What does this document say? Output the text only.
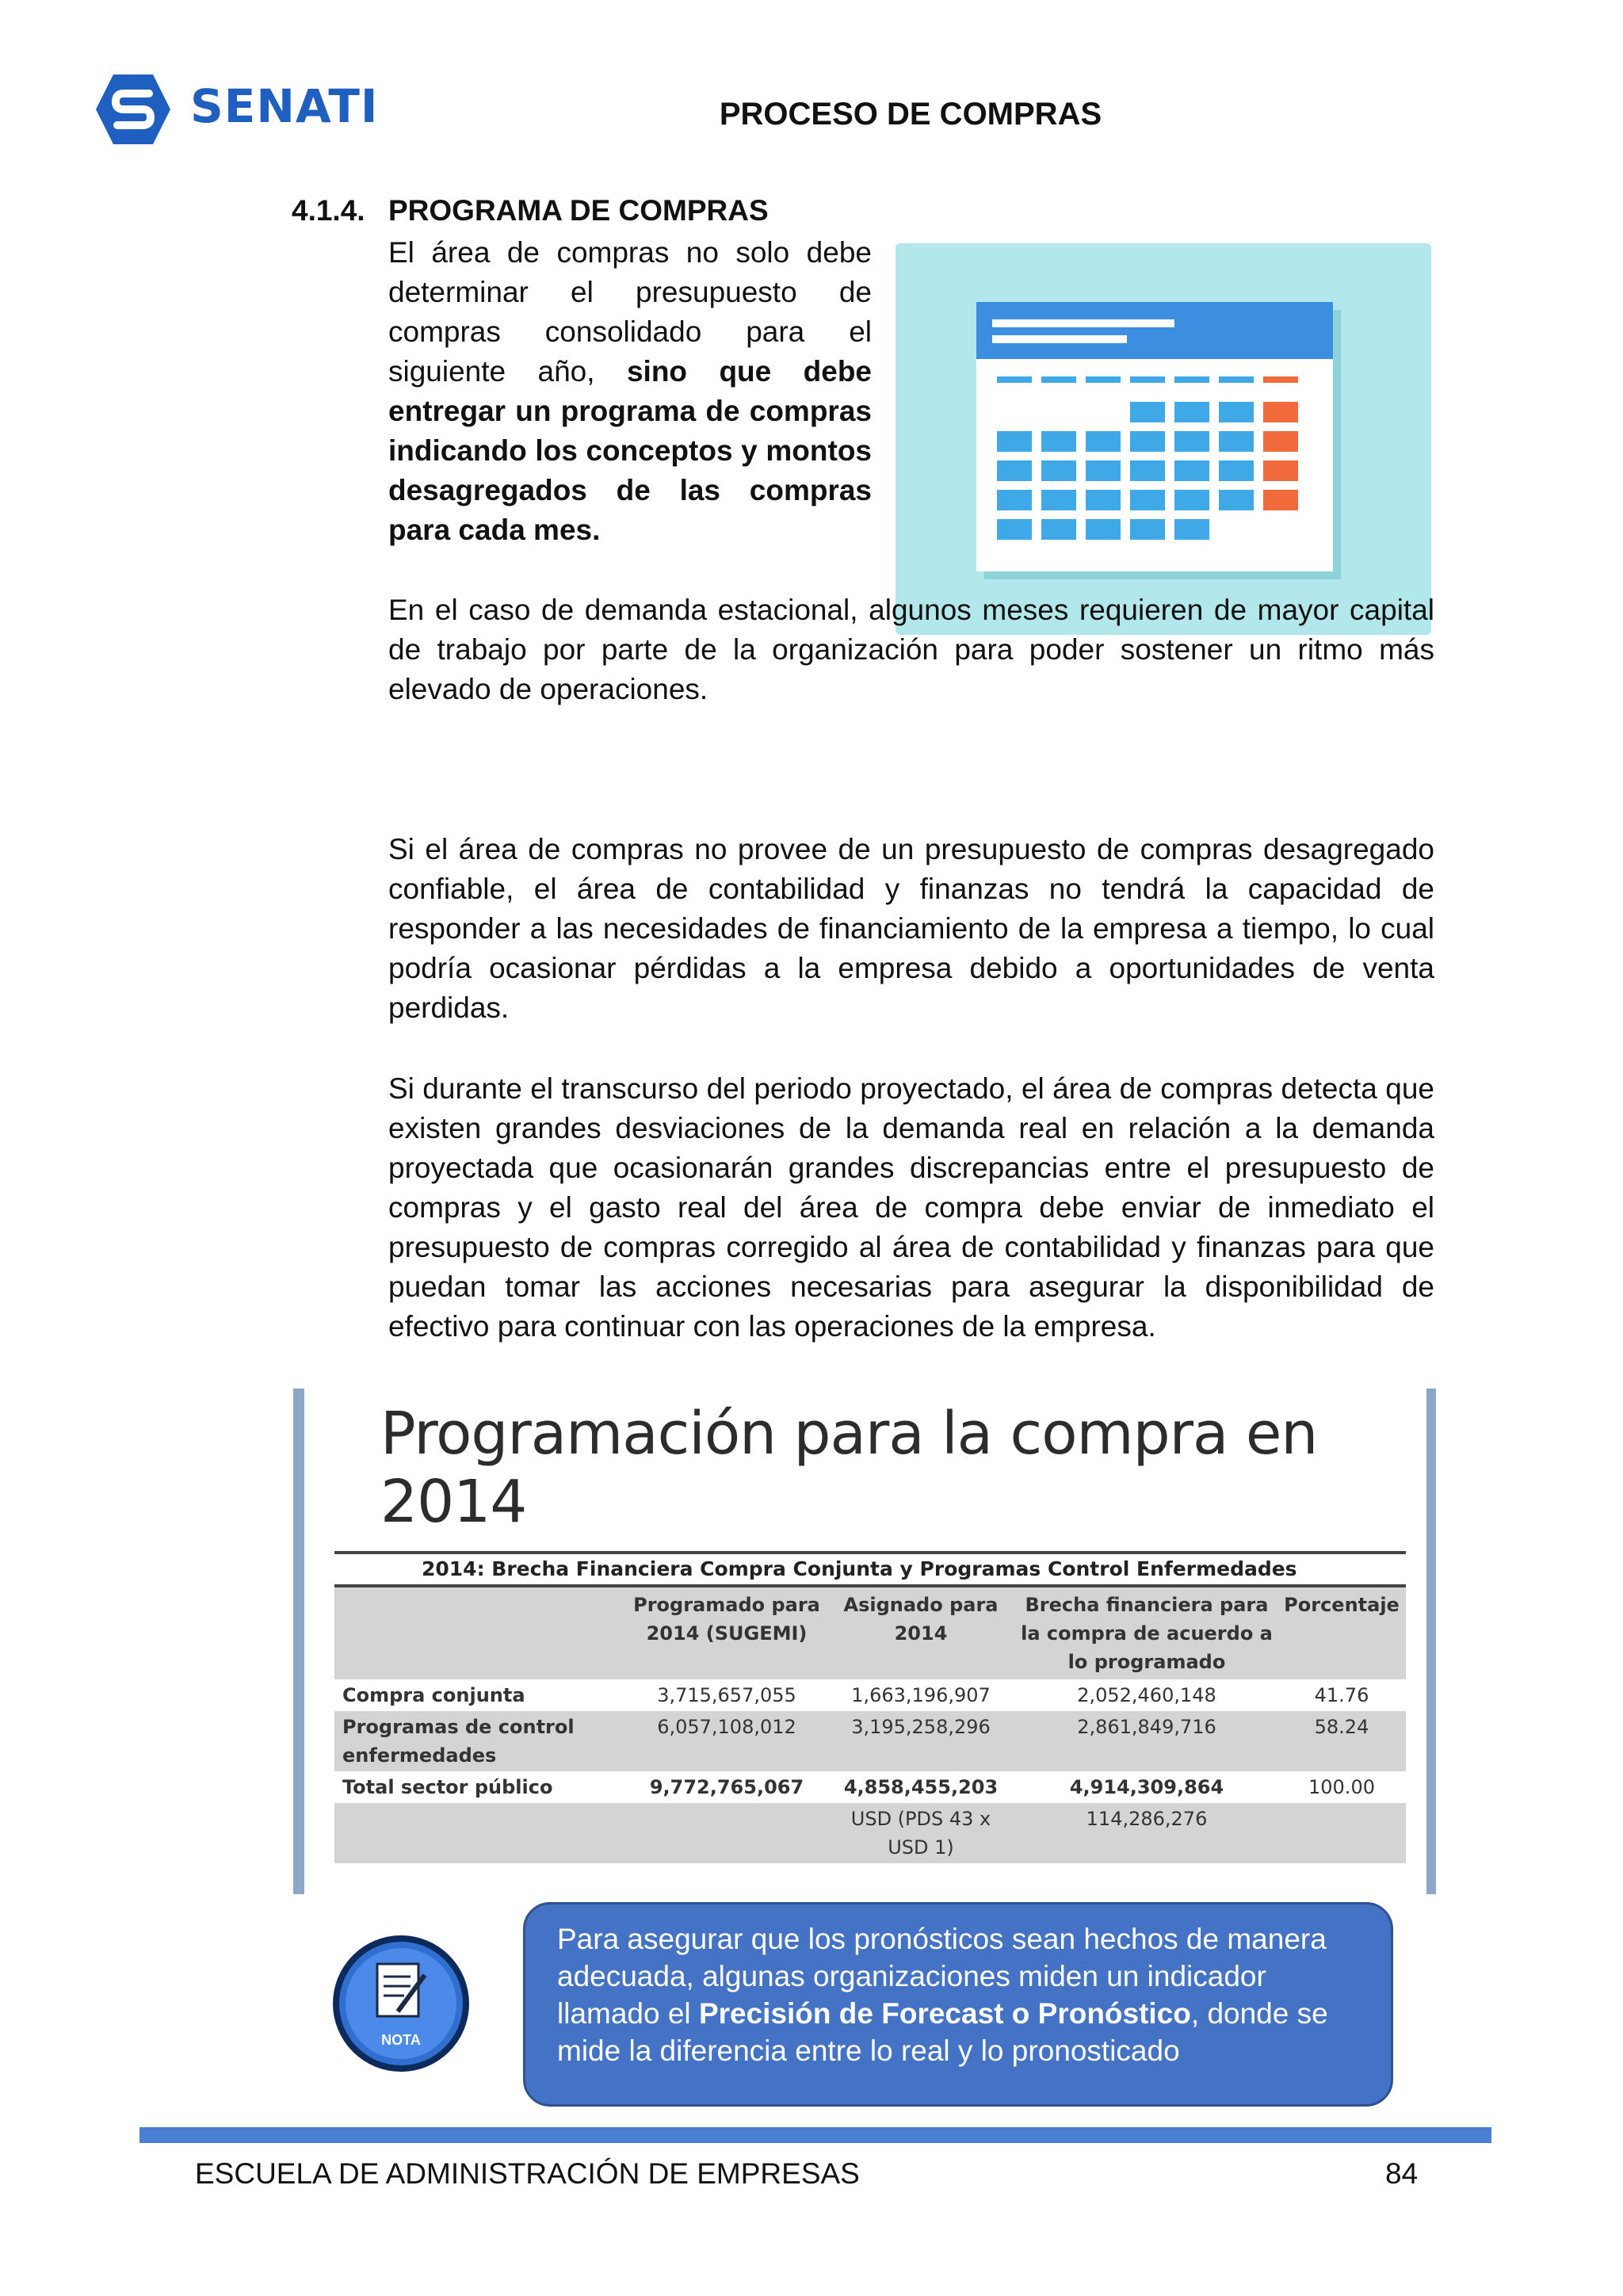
SENATI	PROCESO DE COMPRAS
4.1.4. PROGRAMA DE COMPRAS
El área de compras no solo debe determinar el presupuesto de compras consolidado para el siguiente año, sino que debe entregar un programa de compras indicando los conceptos y montos desagregados de las compras para cada mes.
En el caso de demanda estacional, algunos meses requieren de mayor capital de trabajo por parte de la organización para poder sostener un ritmo más elevado de operaciones.
Si el área de compras no provee de un presupuesto de compras desagregado confiable, el área de contabilidad y finanzas no tendrá la capacidad de responder a las necesidades de financiamiento de la empresa a tiempo, lo cual podría ocasionar pérdidas a la empresa debido a oportunidades de venta perdidas.
Si durante el transcurso del periodo proyectado, el área de compras detecta que existen grandes desviaciones de la demanda real en relación a la demanda proyectada que ocasionarán grandes discrepancias entre el presupuesto de compras y el gasto real del área de compra debe enviar de inmediato el presupuesto de compras corregido al área de contabilidad y finanzas para que puedan tomar las acciones necesarias para asegurar la disponibilidad de efectivo para continuar con las operaciones de la empresa.
Programación para la compra en 2014
2014: Brecha Financiera Compra Conjunta y Programas Control Enfermedades
	Programado para 2014 (SUGEMI)	Asignado para 2014	Brecha financiera para la compra de acuerdo a lo programado	Porcentaje
Compra conjunta	3,715,657,055	1,663,196,907	2,052,460,148	41.76
Programas de control enfermedades	6,057,108,012	3,195,258,296	2,861,849,716	58.24
Total sector público	9,772,765,067	4,858,455,203	4,914,309,864	100.00
		USD (PDS 43 x USD 1)	114,286,276	
NOTA
Para asegurar que los pronósticos sean hechos de manera adecuada, algunas organizaciones miden un indicador llamado el Precisión de Forecast o Pronóstico, donde se mide la diferencia entre lo real y lo pronosticado
ESCUELA DE ADMINISTRACIÓN DE EMPRESAS	84
